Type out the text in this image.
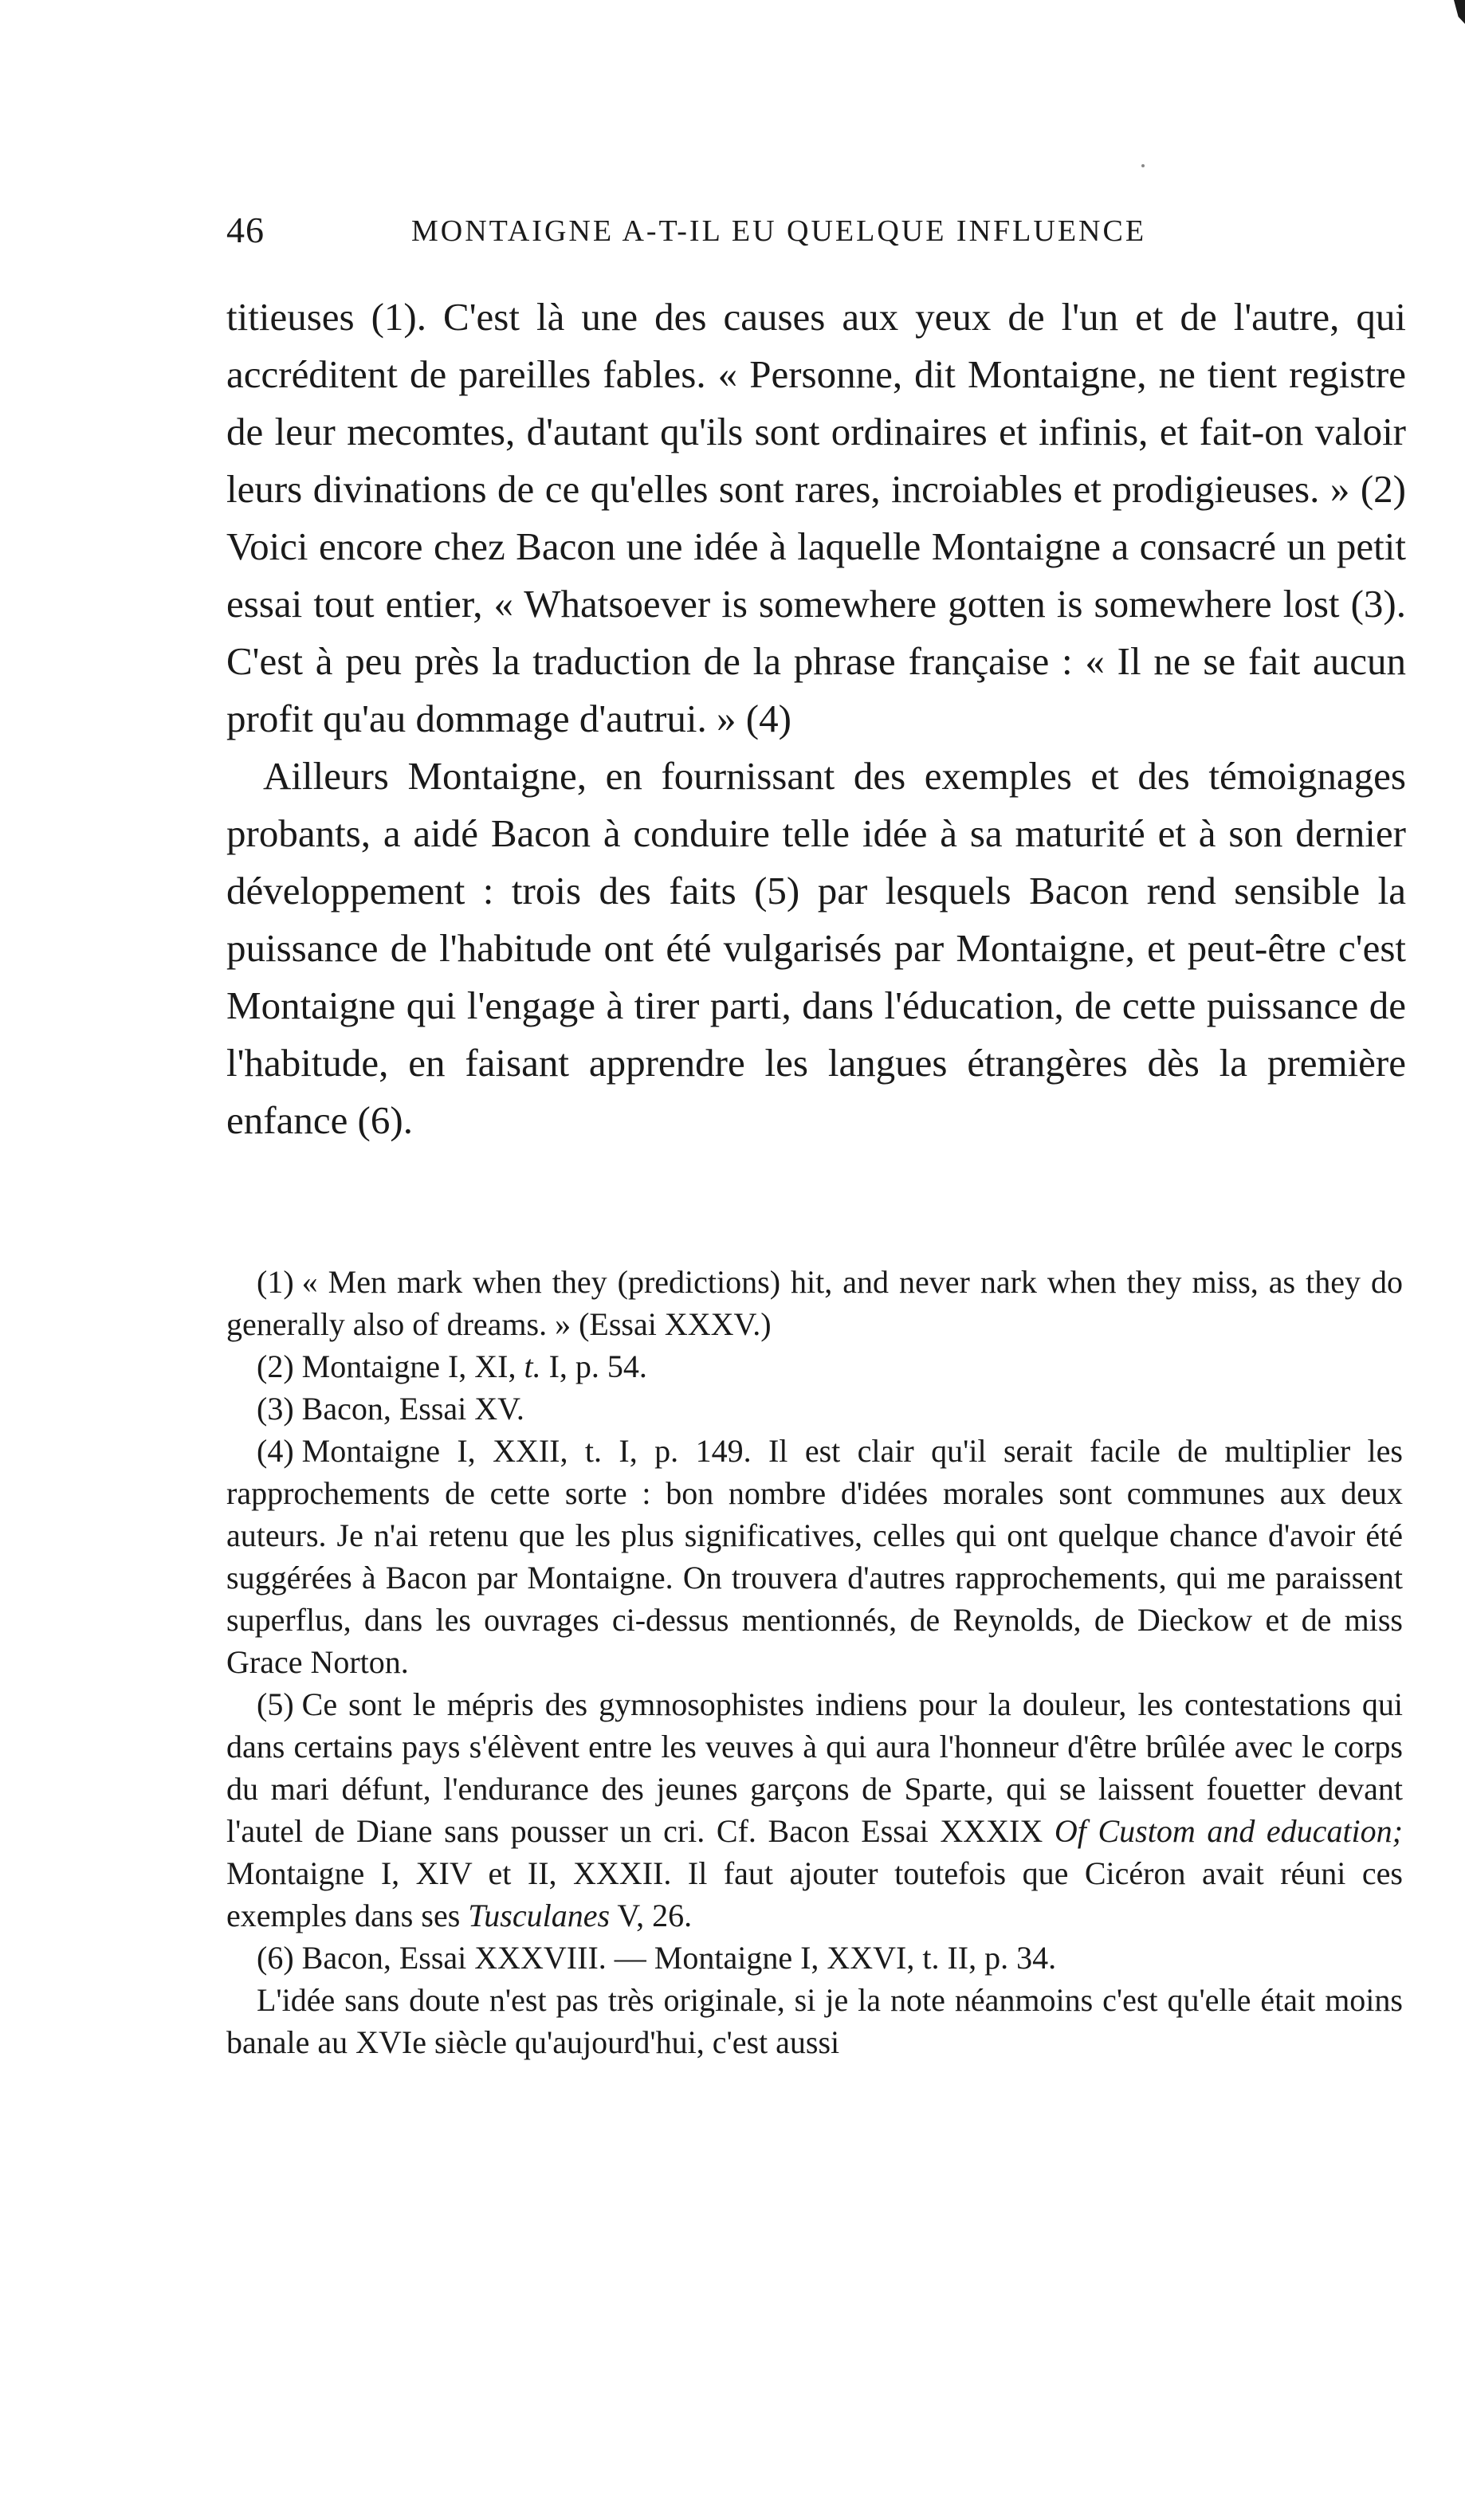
46	MONTAIGNE A-T-IL EU QUELQUE INFLUENCE

titieuses (1). C'est là une des causes aux yeux de l'un et de l'autre, qui accréditent de pareilles fables. « Personne, dit Montaigne, ne tient registre de leur mecomtes, d'autant qu'ils sont ordinaires et infinis, et fait-on valoir leurs divinations de ce qu'elles sont rares, incroiables et prodigieuses. » (2) Voici encore chez Bacon une idée à laquelle Montaigne a consacré un petit essai tout entier, « Whatsoever is somewhere gotten is somewhere lost (3). C'est à peu près la traduction de la phrase française : « Il ne se fait aucun profit qu'au dommage d'autrui. » (4)

Ailleurs Montaigne, en fournissant des exemples et des témoignages probants, a aidé Bacon à conduire telle idée à sa maturité et à son dernier développement : trois des faits (5) par lesquels Bacon rend sensible la puissance de l'habitude ont été vulgarisés par Montaigne, et peut-être c'est Montaigne qui l'engage à tirer parti, dans l'éducation, de cette puissance de l'habitude, en faisant apprendre les langues étrangères dès la première enfance (6).

(1) « Men mark when they (predictions) hit, and never nark when they miss, as they do generally also of dreams. » (Essai XXXV.)

(2) Montaigne I, XI, t. I, p. 54.

(3) Bacon, Essai XV.

(4) Montaigne I, XXII, t. I, p. 149. Il est clair qu'il serait facile de multiplier les rapprochements de cette sorte : bon nombre d'idées morales sont communes aux deux auteurs. Je n'ai retenu que les plus significatives, celles qui ont quelque chance d'avoir été suggérées à Bacon par Montaigne. On trouvera d'autres rapprochements, qui me paraissent superflus, dans les ouvrages ci-dessus mentionnés, de Reynolds, de Dieckow et de miss Grace Norton.

(5) Ce sont le mépris des gymnosophistes indiens pour la douleur, les contestations qui dans certains pays s'élèvent entre les veuves à qui aura l'honneur d'être brûlée avec le corps du mari défunt, l'endurance des jeunes garçons de Sparte, qui se laissent fouetter devant l'autel de Diane sans pousser un cri. Cf. Bacon Essai XXXIX Of Custom and education; Montaigne I, XIV et II, XXXII. Il faut ajouter toutefois que Cicéron avait réuni ces exemples dans ses Tusculanes V, 26.

(6) Bacon, Essai XXXVIII. — Montaigne I, XXVI, t. II, p. 34.

L'idée sans doute n'est pas très originale, si je la note néanmoins c'est qu'elle était moins banale au XVIe siècle qu'aujourd'hui, c'est aussi
